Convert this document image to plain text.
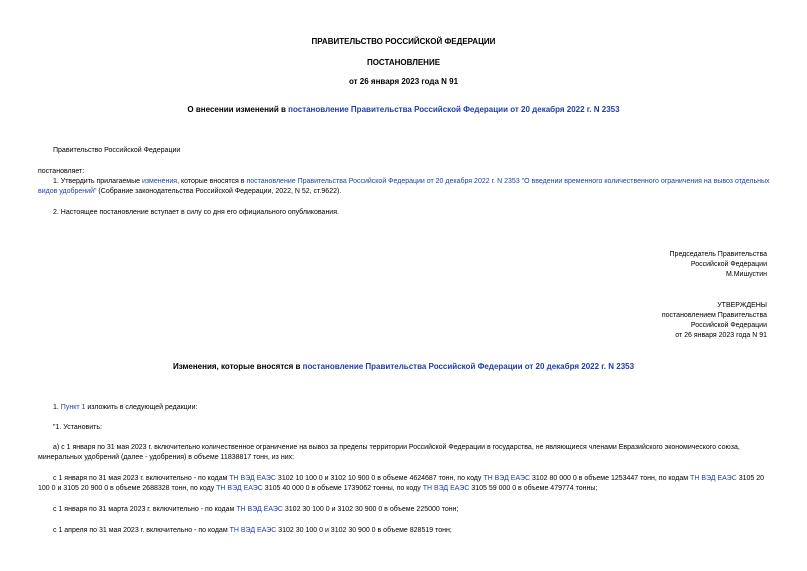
ПРАВИТЕЛЬСТВО РОССИЙСКОЙ ФЕДЕРАЦИИ
ПОСТАНОВЛЕНИЕ
от 26 января 2023 года N 91
О внесении изменений в постановление Правительства Российской Федерации от 20 декабря 2022 г. N 2353
Правительство Российской Федерации
постановляет:
1. Утвердить прилагаемые изменения, которые вносятся в постановление Правительства Российской Федерации от 20 декабря 2022 г. N 2353 "О введении временного количественного ограничения на вывоз отдельных видов удобрений" (Собрание законодательства Российской Федерации, 2022, N 52, ст.9622).
2. Настоящее постановление вступает в силу со дня его официального опубликования.
Председатель Правительства
Российской Федерации
М.Мишустин
УТВЕРЖДЕНЫ
постановлением Правительства
Российской Федерации
от 26 января 2023 года N 91
Изменения, которые вносятся в постановление Правительства Российской Федерации от 20 декабря 2022 г. N 2353
1. Пункт 1 изложить в следующей редакции:
"1. Установить:
а) с 1 января по 31 мая 2023 г. включительно количественное ограничение на вывоз за пределы территории Российской Федерации в государства, не являющиеся членами Евразийского экономического союза, минеральных удобрений (далее - удобрения) в объеме 11838817 тонн, из них:
с 1 января по 31 мая 2023 г. включительно - по кодам ТН ВЭД ЕАЭС 3102 10 100 0 и 3102 10 900 0 в объеме 4624687 тонн, по коду ТН ВЭД ЕАЭС 3102 80 000 0 в объеме 1253447 тонн, по кодам ТН ВЭД ЕАЭС 3105 20 100 0 и 3105 20 900 0 в объеме 2688328 тонн, по коду ТН ВЭД ЕАЭС 3105 40 000 0 в объеме 1739062 тонны, по коду ТН ВЭД ЕАЭС 3105 59 000 0 в объеме 479774 тонны;
с 1 января по 31 марта 2023 г. включительно - по кодам ТН ВЭД ЕАЭС 3102 30 100 0 и 3102 30 900 0 в объеме 225000 тонн;
с 1 апреля по 31 мая 2023 г. включительно - по кодам ТН ВЭД ЕАЭС 3102 30 100 0 и 3102 30 900 0 в объеме 828519 тонн;
